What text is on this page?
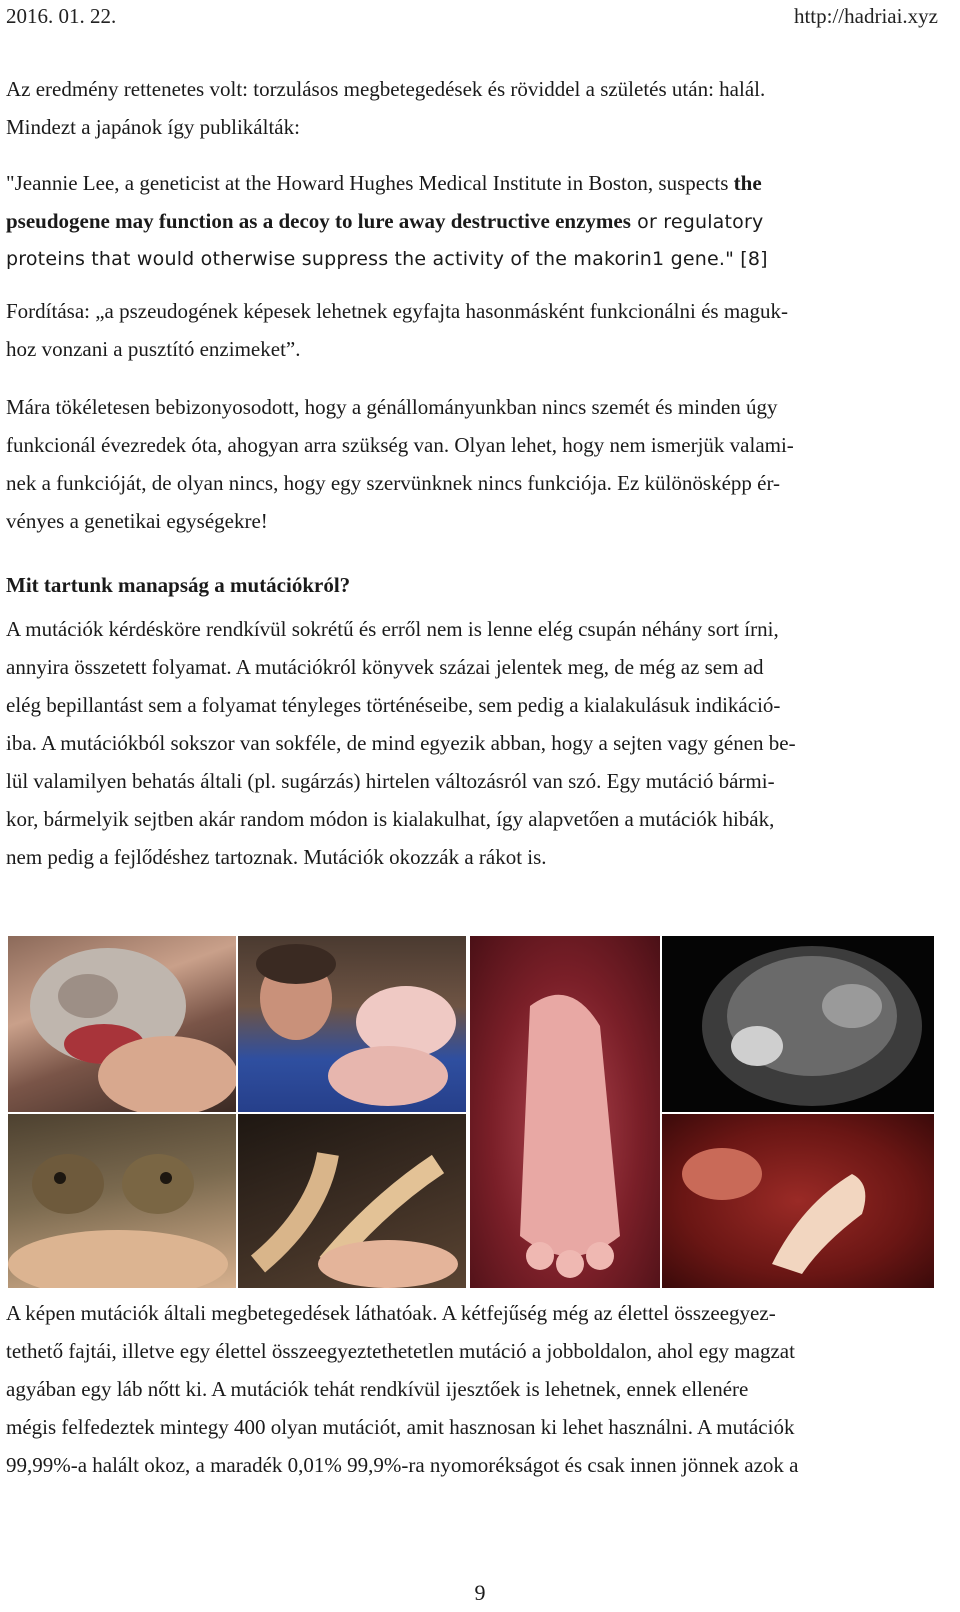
2016. 01. 22.	http://hadriai.xyz
Az eredmény rettenetes volt: torzulásos megbetegedések és röviddel a születés után: halál.
Mindezt a japánok így publikálták:
"Jeannie Lee, a geneticist at the Howard Hughes Medical Institute in Boston, suspects the
pseudogene may function as a decoy to lure away destructive enzymes or regulatory
proteins that would otherwise suppress the activity of the makorin1 gene." [8]
Fordítása: „a pszeudogének képesek lehetnek egyfajta hasonmásként funkcionálni és maguk-
hoz vonzani a pusztító enzimeket”.
Mára tökéletesen bebizonyosodott, hogy a génállományunkban nincs szemét és minden úgy
funkcionál évezredek óta, ahogyan arra szükség van. Olyan lehet, hogy nem ismerjük valami-
nek a funkcióját, de olyan nincs, hogy egy szervünknek nincs funkciója. Ez különösképp ér-
vényes a genetikai egységekre!
Mit tartunk manapság a mutációkról?
A mutációk kérdésköre rendkívül sokrétű és erről nem is lenne elég csupán néhány sort írni,
annyira összetett folyamat. A mutációkról könyvek százai jelentek meg, de még az sem ad
elég bepillantást sem a folyamat tényleges történéseibe, sem pedig a kialakulásuk indikáció-
iba. A mutációkból sokszor van sokféle, de mind egyezik abban, hogy a sejten vagy génen be-
lül valamilyen behatás általi (pl. sugárzás) hirtelen változásról van szó. Egy mutáció bármi-
kor, bármelyik sejtben akár random módon is kialakulhat, így alapvetően a mutációk hibák,
nem pedig a fejlődéshez tartoznak. Mutációk okozzák a rákot is.
A képen mutációk általi megbetegedések láthatóak. A kétfejűség még az élettel összeegyez-
tethető fajtái, illetve egy élettel összeegyeztethetetlen mutáció a jobboldalon, ahol egy magzat
agyában egy láb nőtt ki. A mutációk tehát rendkívül ijesztőek is lehetnek, ennek ellenére
mégis felfedeztek mintegy 400 olyan mutációt, amit hasznosan ki lehet használni. A mutációk
99,99%-a halált okoz, a maradék 0,01% 99,9%-ra nyomorékságot és csak innen jönnek azok a
9
